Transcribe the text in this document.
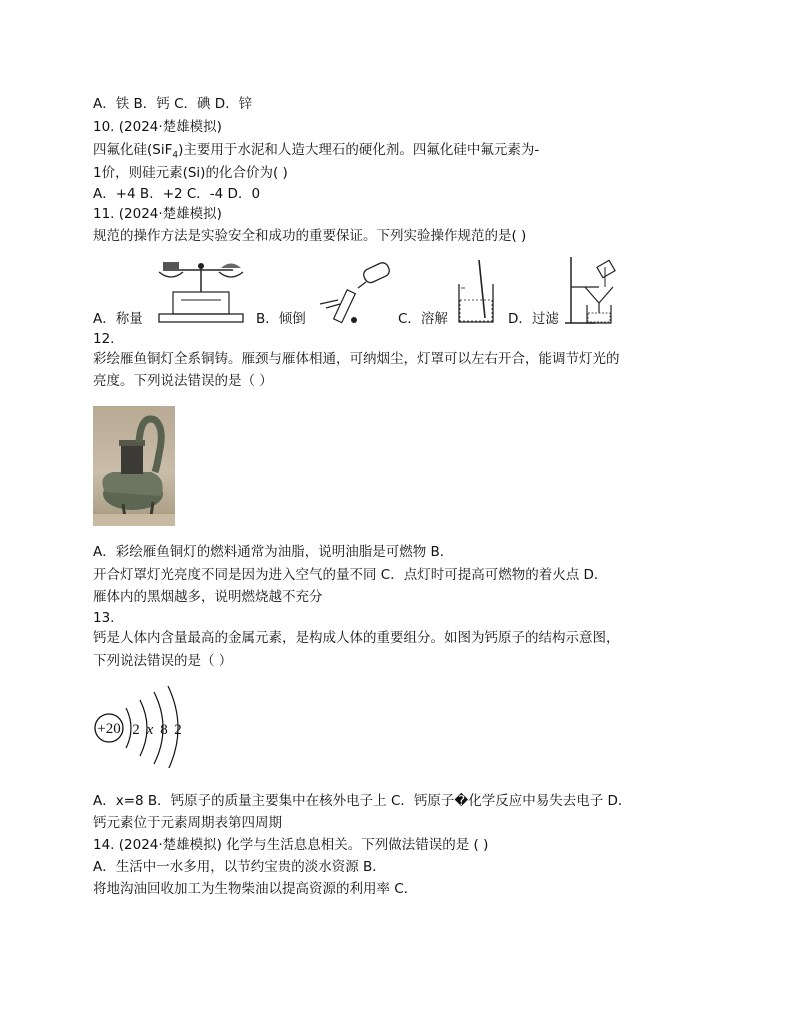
A．铁 B．钙 C．碘 D．锌
10. (2024·楚雄模拟)
四氟化硅(SiF$_4$)主要用于水泥和人造大理石的硬化剂。四氟化硅中氟元素为-
1价，则硅元素(Si)的化合价为( )
A．+4 B．+2 C．-4 D．0
11. (2024·楚雄模拟)
规范的操作方法是实验安全和成功的重要保证。下列实验操作规范的是( )
A．称量	B．倾倒	C．溶解	D．过滤
12.
彩绘雁鱼铜灯全系铜铸。雁颈与雁体相通，可纳烟尘，灯罩可以左右开合，能调节灯光的
亮度。下列说法错误的是（ ）
A．彩绘雁鱼铜灯的燃料通常为油脂，说明油脂是可燃物 B．
开合灯罩灯光亮度不同是因为进入空气的量不同 C．点灯时可提高可燃物的着火点 D．
雁体内的黑烟越多，说明燃烧越不充分
13.
钙是人体内含量最高的金属元素，是构成人体的重要组分。如图为钙原子的结构示意图，
下列说法错误的是（ ）
+20 2 x 8 2
A．x=8 B．钙原子的质量主要集中在核外电子上 C．钙原子�化学反应中易失去电子 D．
钙元素位于元素周期表第四周期
14. (2024·楚雄模拟) 化学与生活息息相关。下列做法错误的是 ( )
A．生活中一水多用，以节约宝贵的淡水资源 B．
将地沟油回收加工为生物柴油以提高资源的利用率 C．
